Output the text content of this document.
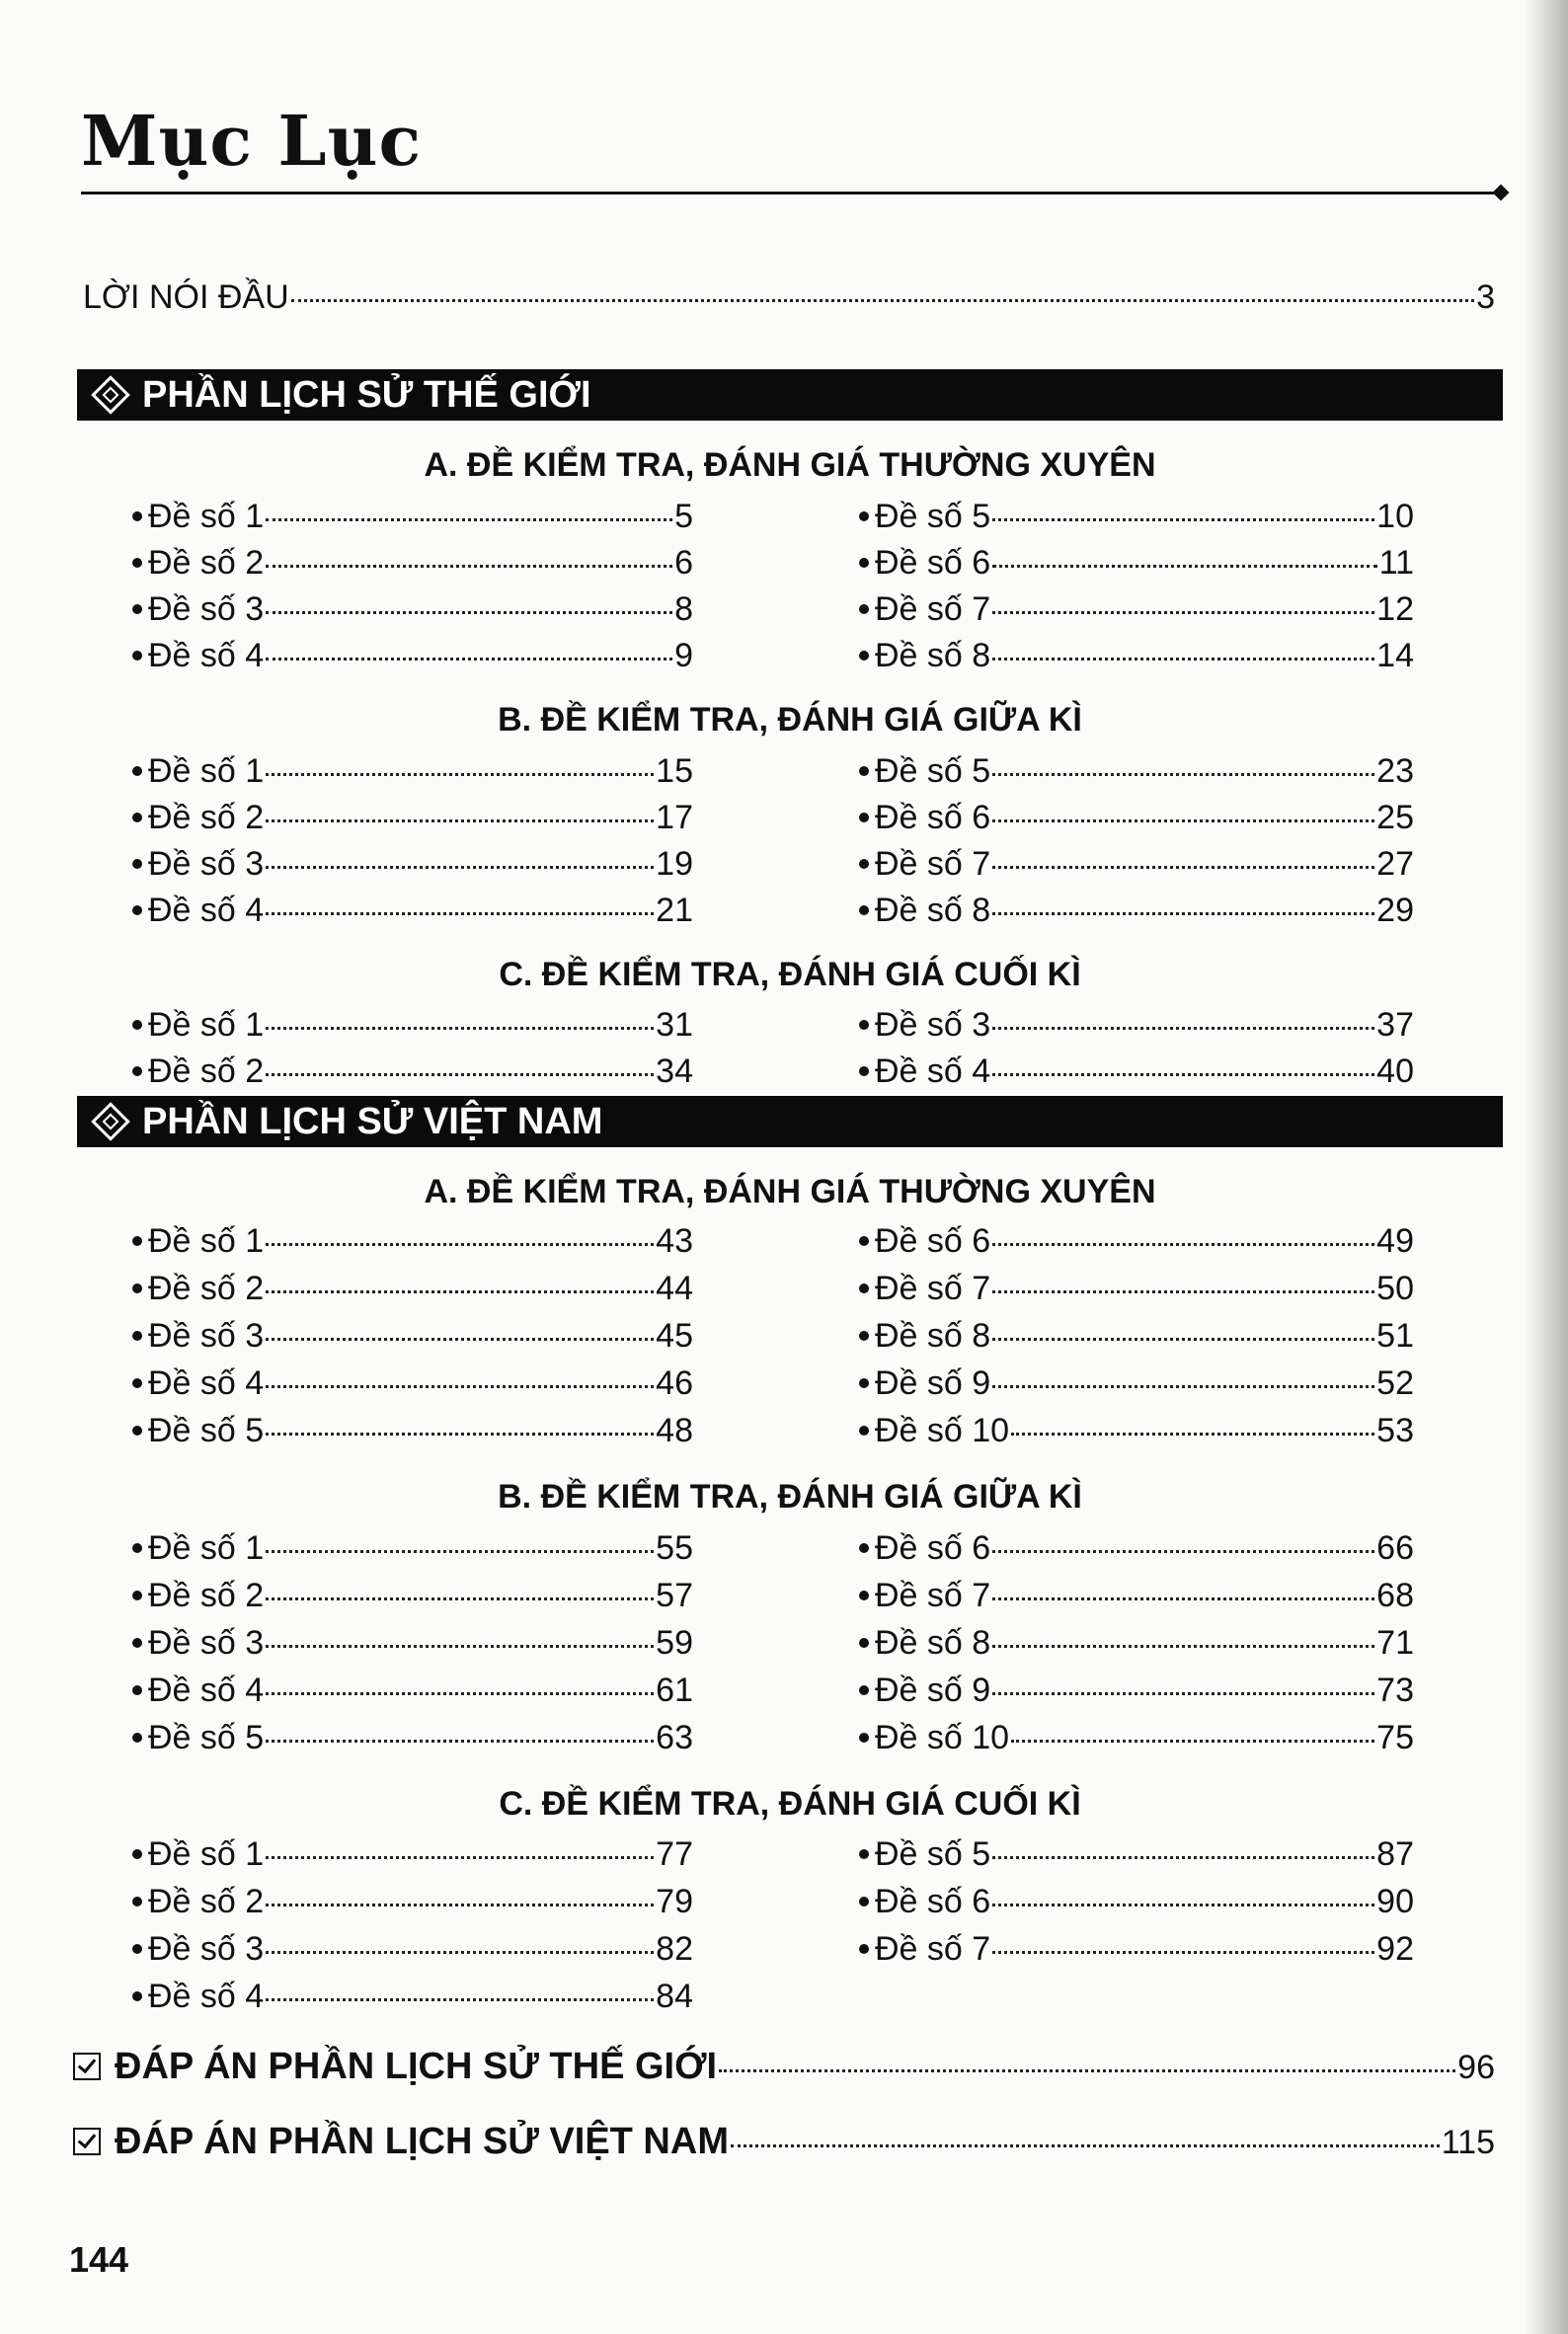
Mục Lục
LỜI NÓI ĐẦU	3
PHẦN LỊCH SỬ THẾ GIỚI
A. ĐỀ KIỂM TRA, ĐÁNH GIÁ THƯỜNG XUYÊN
B. ĐỀ KIỂM TRA, ĐÁNH GIÁ GIỮA KÌ
C. ĐỀ KIỂM TRA, ĐÁNH GIÁ CUỐI KÌ
PHẦN LỊCH SỬ VIỆT NAM
A. ĐỀ KIỂM TRA, ĐÁNH GIÁ THƯỜNG XUYÊN
B. ĐỀ KIỂM TRA, ĐÁNH GIÁ GIỮA KÌ
C. ĐỀ KIỂM TRA, ĐÁNH GIÁ CUỐI KÌ
ĐÁP ÁN PHẦN LỊCH SỬ THẾ GIỚI	96
ĐÁP ÁN PHẦN LỊCH SỬ VIỆT NAM	115
144
Đề số 1	5
Đề số 2	6
Đề số 3	8
Đề số 4	9
Đề số 5	10
Đề số 6	11
Đề số 7	12
Đề số 8	14
Đề số 1	15
Đề số 2	17
Đề số 3	19
Đề số 4	21
Đề số 5	23
Đề số 6	25
Đề số 7	27
Đề số 8	29
Đề số 1	31
Đề số 2	34
Đề số 3	37
Đề số 4	40
Đề số 1	43
Đề số 2	44
Đề số 3	45
Đề số 4	46
Đề số 5	48
Đề số 6	49
Đề số 7	50
Đề số 8	51
Đề số 9	52
Đề số 10	53
Đề số 1	55
Đề số 2	57
Đề số 3	59
Đề số 4	61
Đề số 5	63
Đề số 6	66
Đề số 7	68
Đề số 8	71
Đề số 9	73
Đề số 10	75
Đề số 1	77
Đề số 2	79
Đề số 3	82
Đề số 4	84
Đề số 5	87
Đề số 6	90
Đề số 7	92
